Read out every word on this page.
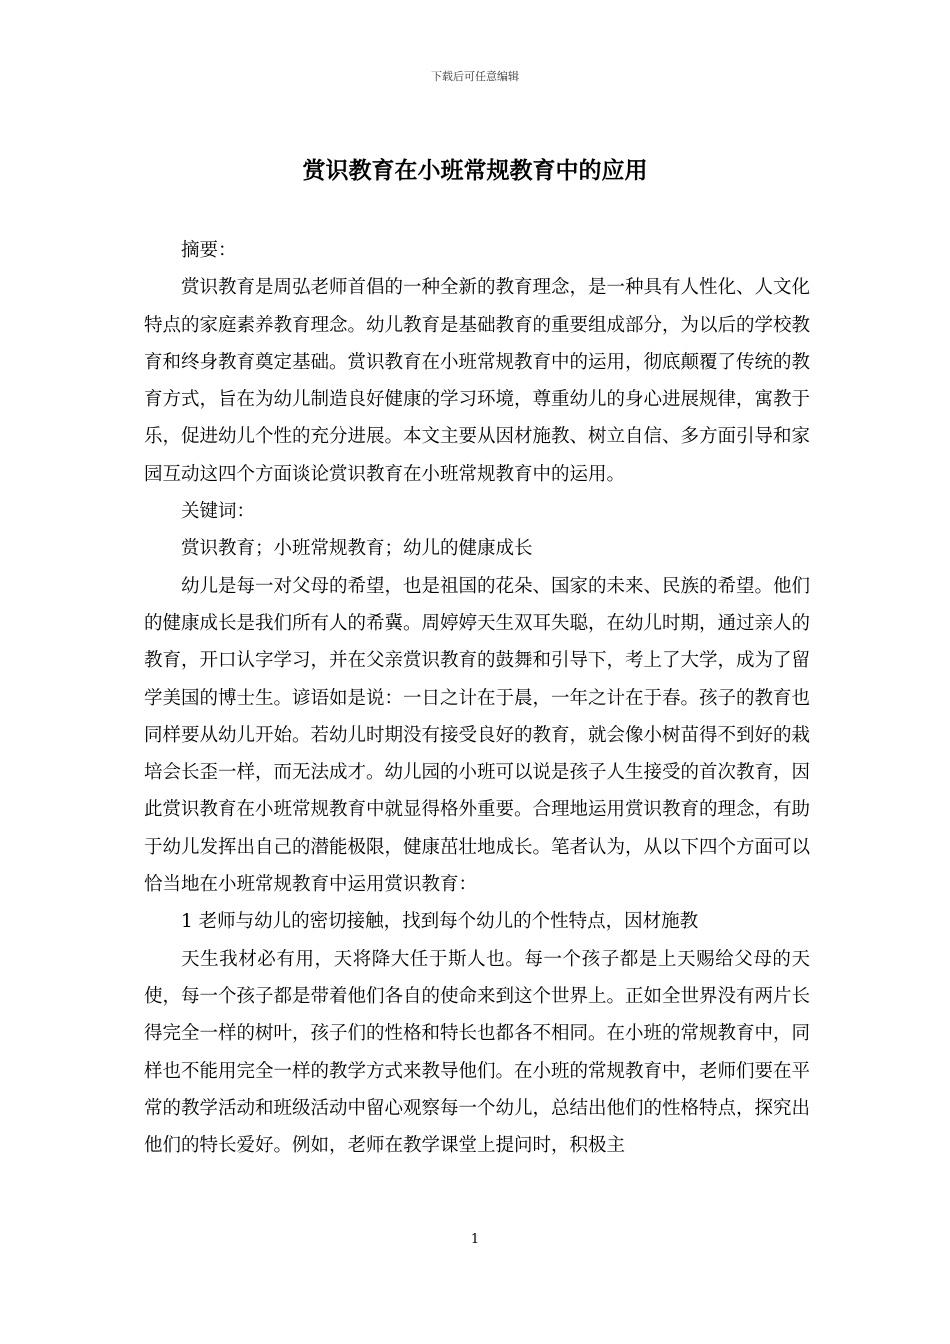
下载后可任意编辑
赏识教育在小班常规教育中的应用

摘要：

赏识教育是周弘老师首倡的一种全新的教育理念，是一种具有人性化、人文化特点的家庭素养教育理念。幼儿教育是基础教育的重要组成部分，为以后的学校教育和终身教育奠定基础。赏识教育在小班常规教育中的运用，彻底颠覆了传统的教育方式，旨在为幼儿制造良好健康的学习环境，尊重幼儿的身心进展规律，寓教于乐，促进幼儿个性的充分进展。本文主要从因材施教、树立自信、多方面引导和家园互动这四个方面谈论赏识教育在小班常规教育中的运用。

关键词：

赏识教育；小班常规教育；幼儿的健康成长

幼儿是每一对父母的希望，也是祖国的花朵、国家的未来、民族的希望。他们的健康成长是我们所有人的希冀。周婷婷天生双耳失聪，在幼儿时期，通过亲人的教育，开口认字学习，并在父亲赏识教育的鼓舞和引导下，考上了大学，成为了留学美国的博士生。谚语如是说：一日之计在于晨，一年之计在于春。孩子的教育也同样要从幼儿开始。若幼儿时期没有接受良好的教育，就会像小树苗得不到好的栽培会长歪一样，而无法成才。幼儿园的小班可以说是孩子人生接受的首次教育，因此赏识教育在小班常规教育中就显得格外重要。合理地运用赏识教育的理念，有助于幼儿发挥出自己的潜能极限，健康茁壮地成长。笔者认为，从以下四个方面可以恰当地在小班常规教育中运用赏识教育：

1 老师与幼儿的密切接触，找到每个幼儿的个性特点，因材施教

天生我材必有用，天将降大任于斯人也。每一个孩子都是上天赐给父母的天使，每一个孩子都是带着他们各自的使命来到这个世界上。正如全世界没有两片长得完全一样的树叶，孩子们的性格和特长也都各不相同。在小班的常规教育中，同样也不能用完全一样的教学方式来教导他们。在小班的常规教育中，老师们要在平常的教学活动和班级活动中留心观察每一个幼儿，总结出他们的性格特点，探究出他们的特长爱好。例如，老师在教学课堂上提问时，积极主

1
